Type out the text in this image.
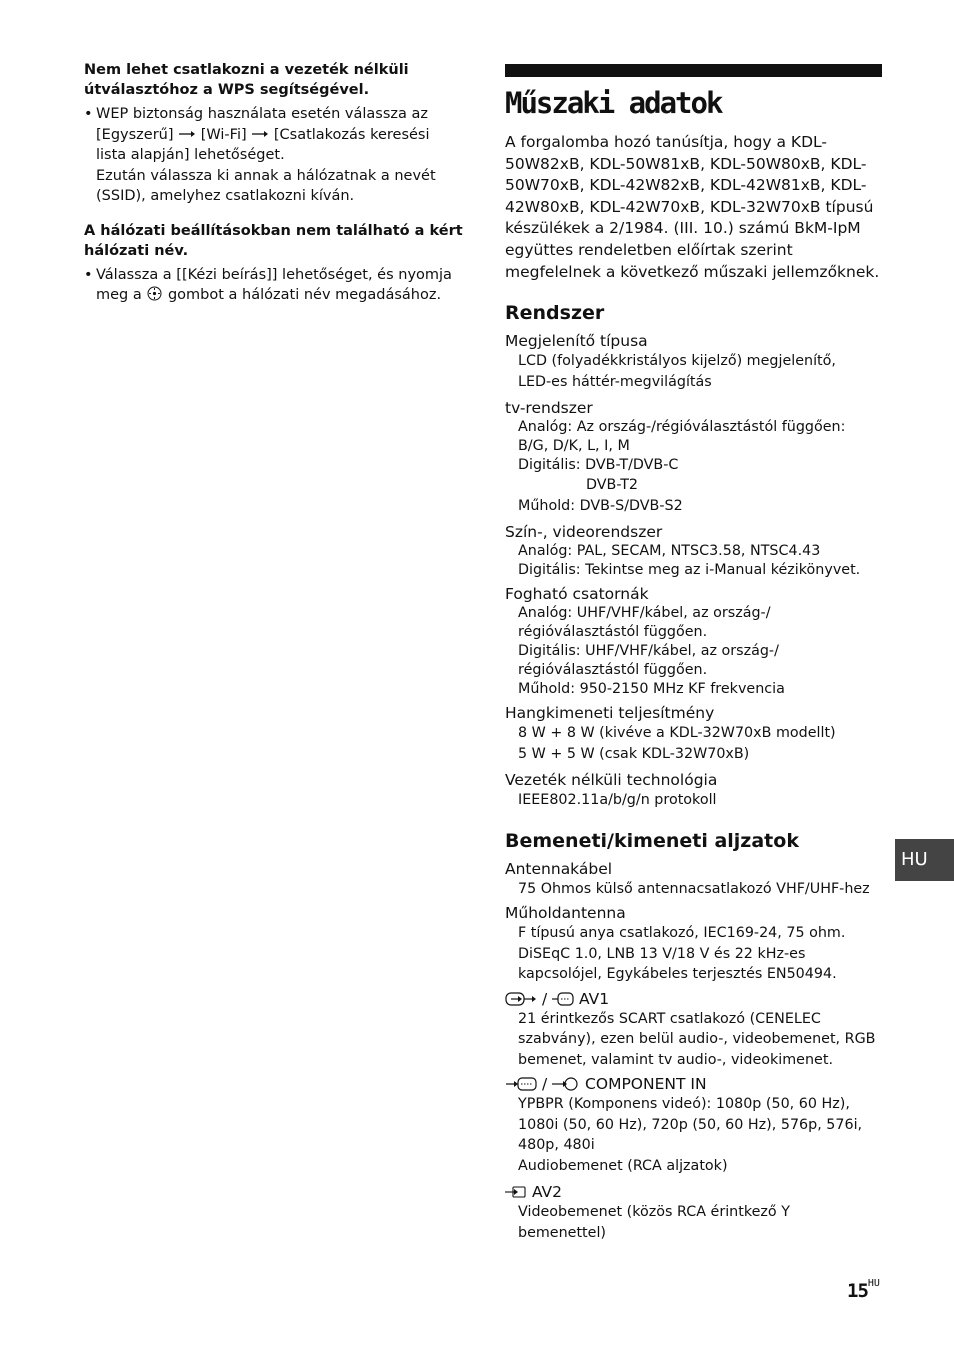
Nem lehet csatlakozni a vezeték nélküli útválasztóhoz a WPS segítségével.

• WEP biztonság használata esetén válassza az [Egyszerű] [Wi-Fi] [Csatlakozás keresési lista alapján] lehetőséget.
Ezután válassza ki annak a hálózatnak a nevét (SSID), amelyhez csatlakozni kíván.

A hálózati beállításokban nem található a kért hálózati név.

• Válassza a [[Kézi beírás]] lehetőséget, és nyomja meg a gombot a hálózati név megadásához.
Műszaki adatok
A forgalomba hozó tanúsítja, hogy a KDL-50W82xB, KDL-50W81xB, KDL-50W80xB, KDL-50W70xB, KDL-42W82xB, KDL-42W81xB, KDL-42W80xB, KDL-42W70xB, KDL-32W70xB típusú készülékek a 2/1984. (III. 10.) számú BkM-IpM együttes rendeletben előírtak szerint megfelelnek a következő műszaki jellemzőknek.
Rendszer
Megjelenítő típusa
LCD (folyadékkristályos kijelző) megjelenítő,
LED-es háttér-megvilágítás
tv-rendszer
Analóg: Az ország-/régióválasztástól függően:
B/G, D/K, L, I, M
Digitális: DVB-T/DVB-C
DVB-T2
Műhold: DVB-S/DVB-S2
Szín-, videorendszer
Analóg: PAL, SECAM, NTSC3.58, NTSC4.43
Digitális: Tekintse meg az i-Manual kézikönyvet.
Fogható csatornák
Analóg: UHF/VHF/kábel, az ország-/
régióválasztástól függően.
Digitális: UHF/VHF/kábel, az ország-/
régióválasztástól függően.
Műhold: 950-2150 MHz KF frekvencia
Hangkimeneti teljesítmény
8 W + 8 W (kivéve a KDL-32W70xB modellt)
5 W + 5 W (csak KDL-32W70xB)
Vezeték nélküli technológia
IEEE802.11a/b/g/n protokoll
Bemeneti/kimeneti aljzatok
Antennakábel
75 Ohmos külső antennacsatlakozó VHF/UHF-hez
Műholdantenna
F típusú anya csatlakozó, IEC169-24, 75 ohm.
DiSEqC 1.0, LNB 13 V/18 V és 22 kHz-es
kapcsolójel, Egykábeles terjesztés EN50494.
/ AV1
21 érintkezős SCART csatlakozó (CENELEC
szabvány), ezen belül audio-, videobemenet, RGB
bemenet, valamint tv audio-, videokimenet.
/ COMPONENT IN
YPBPR (Komponens videó): 1080p (50, 60 Hz),
1080i (50, 60 Hz), 720p (50, 60 Hz), 576p, 576i,
480p, 480i
Audiobemenet (RCA aljzatok)
AV2
Videobemenet (közös RCA érintkező Y
bemenettel)
HU
$15^{HU}$
